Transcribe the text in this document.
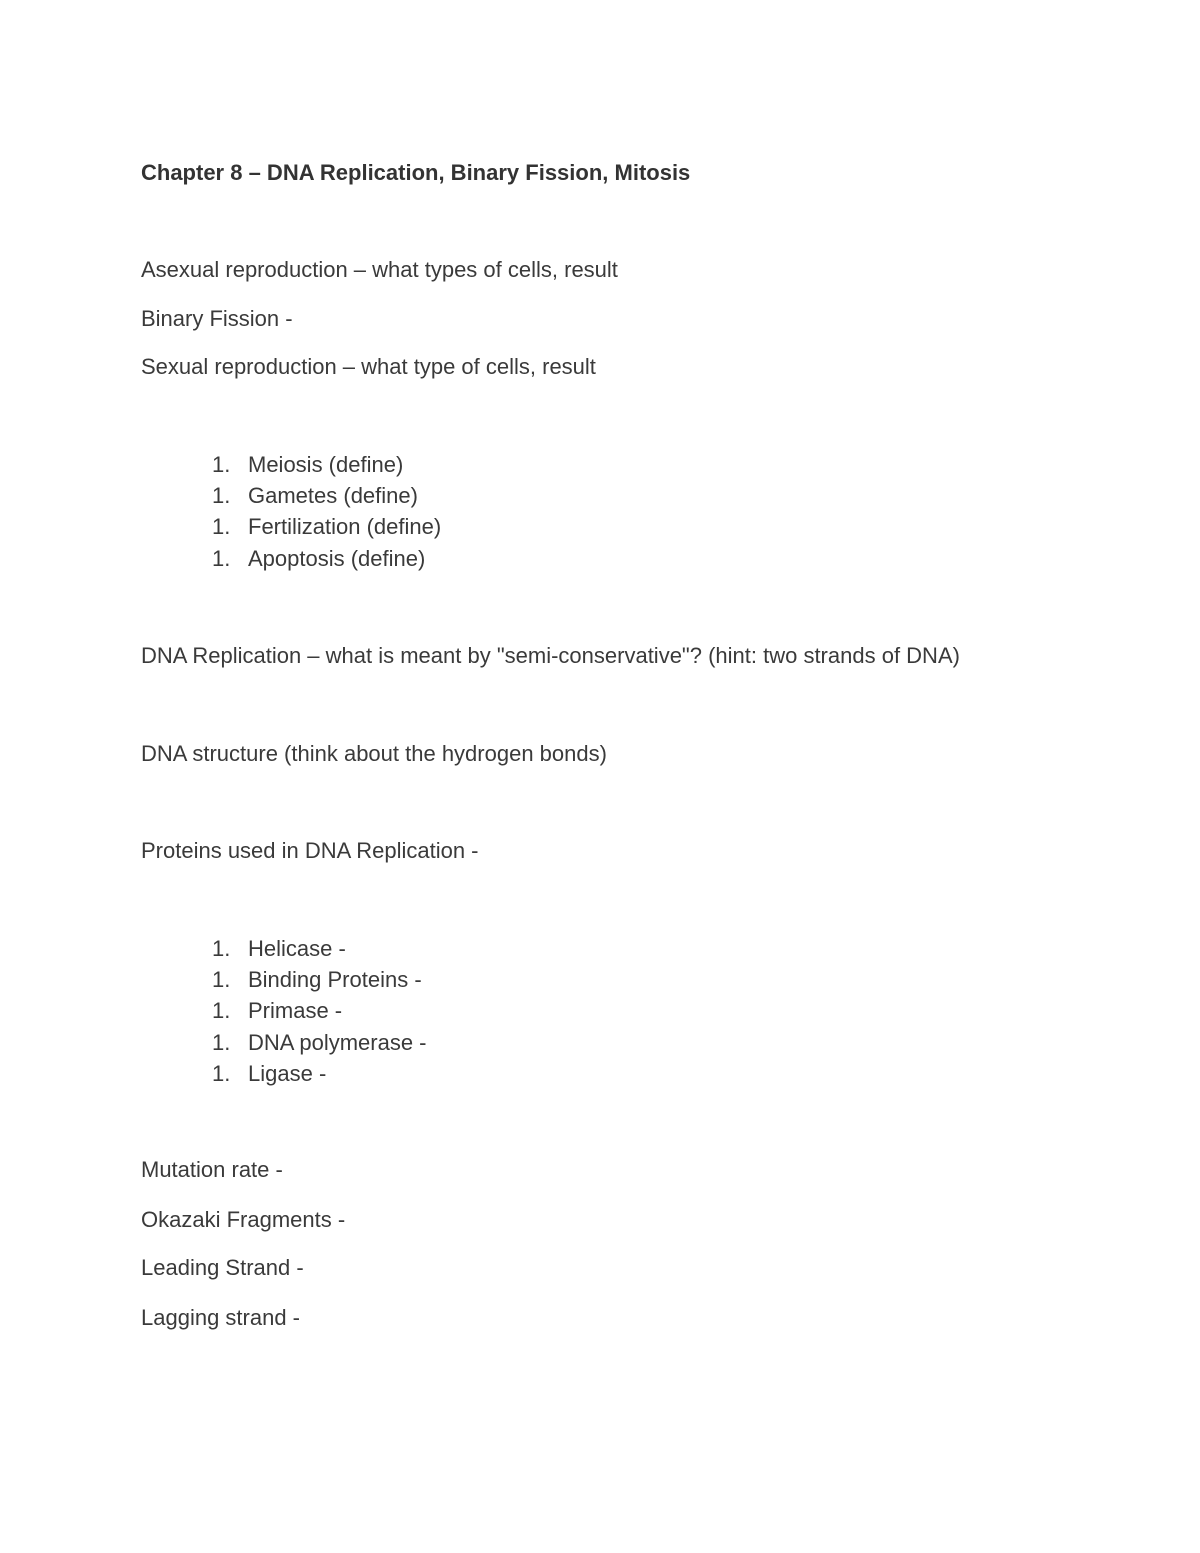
Chapter 8 – DNA Replication, Binary Fission, Mitosis

Asexual reproduction – what types of cells, result

Binary Fission -

Sexual reproduction – what type of cells, result

1. Meiosis (define)
1. Gametes (define)
1. Fertilization (define)
1. Apoptosis (define)

DNA Replication – what is meant by "semi-conservative"? (hint: two strands of DNA)

DNA structure (think about the hydrogen bonds)

Proteins used in DNA Replication -

1. Helicase -
1. Binding Proteins -
1. Primase -
1. DNA polymerase -
1. Ligase -

Mutation rate -

Okazaki Fragments -

Leading Strand -

Lagging strand -
